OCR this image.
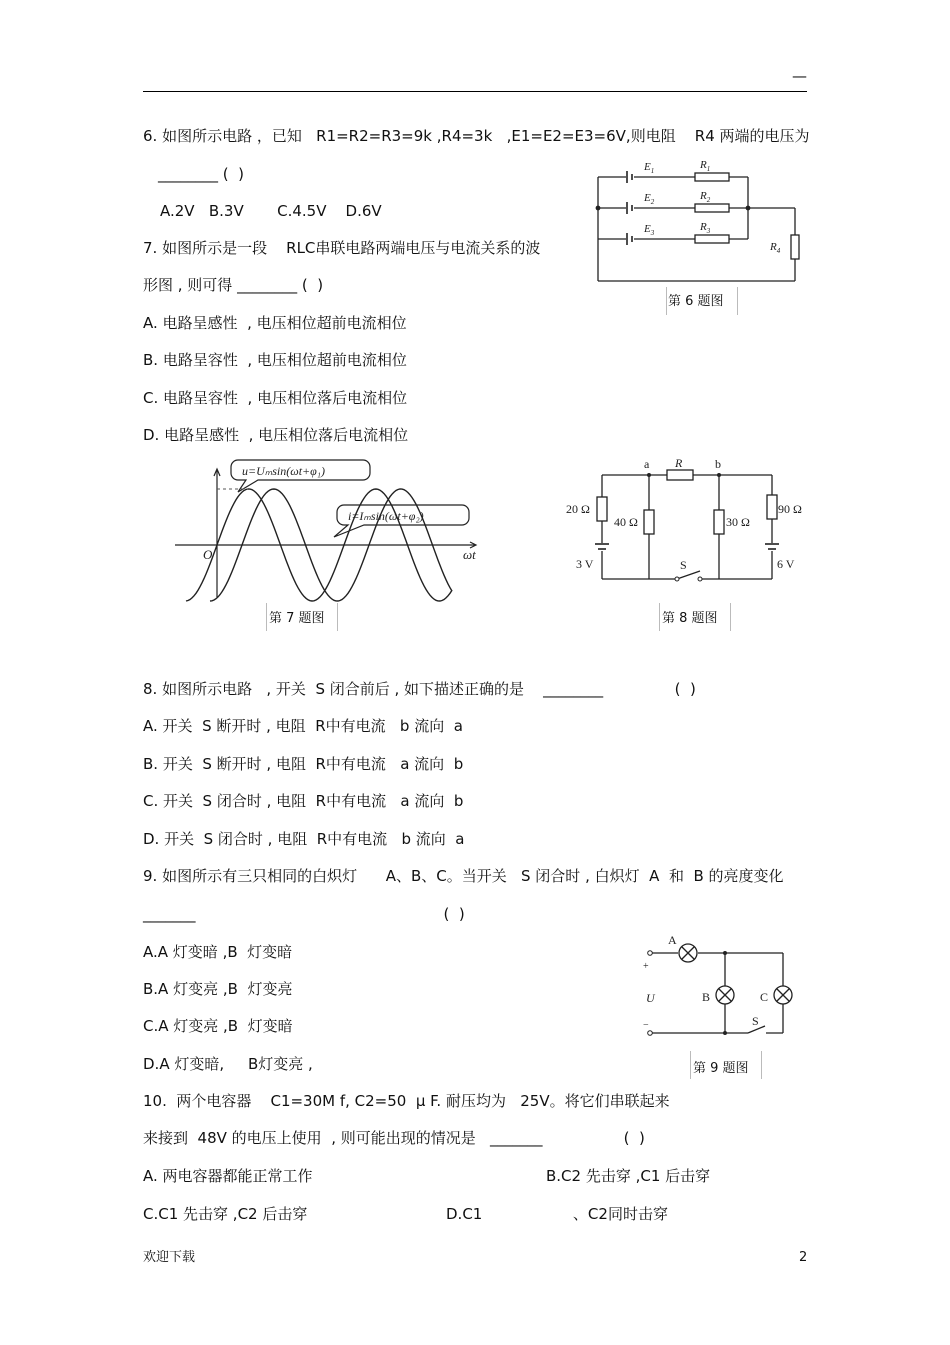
—
6. 如图所示电路 ，已知   R1=R2=R3=9k ,R4=3k   ,E1=E2=E3=6V,则电阻    R4 两端的电压为
________ (  )
A.2V   B.3V       C.4.5V    D.6V
$E_1$	$R_1$
$E_2$	$R_2$
$E_3$	$R_3$
$R_4$
第 6 题图
7. 如图所示是一段    RLC串联电路两端电压与电流关系的波
形图 , 则可得 ________ (  )
A. 电路呈感性  , 电压相位超前电流相位
B. 电路呈容性  , 电压相位超前电流相位
C. 电路呈容性  , 电压相位落后电流相位
D. 电路呈感性  , 电压相位落后电流相位
u=Uₘsin(ωt+φ₁)
i=Iₘsin(ωt+φ₂)
O	ωt
第 7 题图
a	b
R
20 Ω
40 Ω	30 Ω
90 Ω
3 V	6 V
S
第 8 题图
8. 如图所示电路   , 开关  S 闭合前后 , 如下描述正确的是    ________               (  )
A. 开关  S 断开时 , 电阻  R中有电流   b 流向  a
B. 开关  S 断开时 , 电阻  R中有电流   a 流向  b
C. 开关  S 闭合时 , 电阻  R中有电流   a 流向  b
D. 开关  S 闭合时 , 电阻  R中有电流   b 流向  a
9. 如图所示有三只相同的白炽灯      A、B、C。当开关   S 闭合时 , 白炽灯  A  和  B 的亮度变化
_______                                                    (  )
A.A 灯变暗 ,B  灯变暗
B.A 灯变亮 ,B  灯变亮
C.A 灯变亮 ,B  灯变暗
D.A 灯变暗,     B灯变亮 ,
A
B	C
U
S
+
−
第 9 题图
10.  两个电容器    C1=30M f, C2=50  μ F. 耐压均为   25V。将它们串联起来
来接到  48V 的电压上使用  , 则可能出现的情况是   _______                 (  )
A. 两电容器都能正常工作	B.C2 先击穿 ,C1 后击穿
C.C1 先击穿 ,C2 后击穿	D.C1                   、C2同时击穿
欢迎下载	2
